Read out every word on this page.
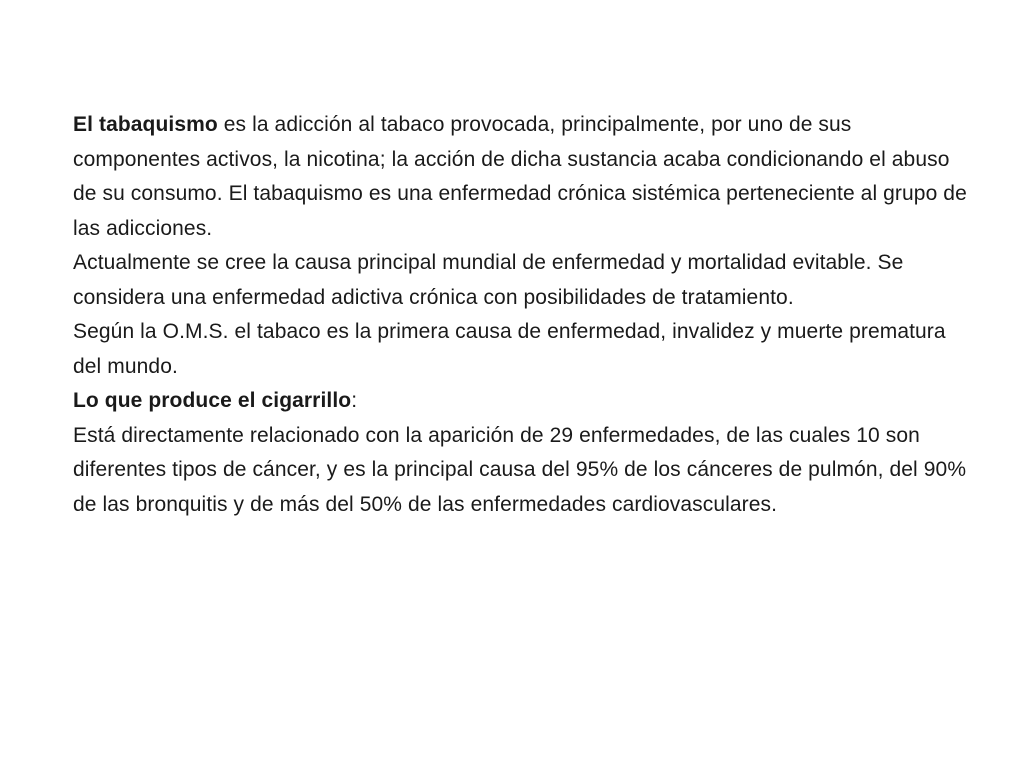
El tabaquismo es la adicción al tabaco provocada, principalmente, por uno de sus componentes activos, la nicotina; la acción de dicha sustancia acaba condicionando el abuso de su consumo. El tabaquismo es una enfermedad crónica sistémica perteneciente al grupo de las adicciones.

Actualmente se cree la causa principal mundial de enfermedad y mortalidad evitable. Se considera una enfermedad adictiva crónica con posibilidades de tratamiento.

Según la O.M.S. el tabaco es la primera causa de enfermedad, invalidez y muerte prematura del mundo.

Lo que produce el cigarrillo:

Está directamente relacionado con la aparición de 29 enfermedades, de las cuales 10 son diferentes tipos de cáncer, y es la principal causa del 95% de los cánceres de pulmón, del 90% de las bronquitis y de más del 50% de las enfermedades cardiovasculares.
